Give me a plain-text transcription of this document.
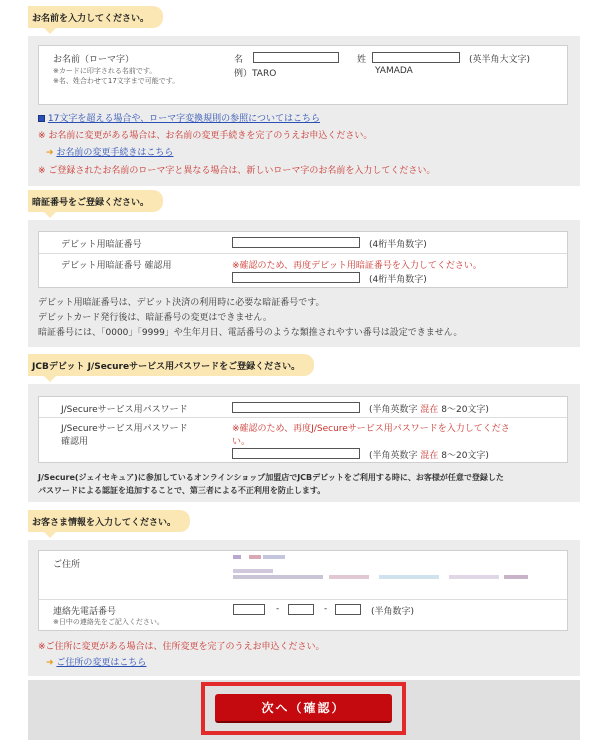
お名前を入力してください。
お名前（ローマ字）
※カードに印字される名前です。
※名、姓合わせて17文字まで可能です。
名	姓	(英半角大文字)
例）TARO	YAMADA
17文字を超える場合や、ローマ字変換規則の参照についてはこちら
※ お名前に変更がある場合は、お名前の変更手続きを完了のうえお申込ください。
➜ お名前の変更手続きはこちら
※ ご登録されたお名前のローマ字と異なる場合は、新しいローマ字のお名前を入力してください。
暗証番号をご登録ください。
デビット用暗証番号	(4桁半角数字)
デビット用暗証番号 確認用	※確認のため、再度デビット用暗証番号を入力してください。
(4桁半角数字)
デビット用暗証番号は、デビット決済の利用時に必要な暗証番号です。
デビットカード発行後は、暗証番号の変更はできません。
暗証番号には、「0000」「9999」や生年月日、電話番号のような類推されやすい番号は設定できません。
JCBデビット J/Secureサービス用パスワードをご登録ください。
J/Secureサービス用パスワード	(半角英数字 混在 8～20文字)
J/Secureサービス用パスワード
確認用
※確認のため、再度J/Secureサービス用パスワードを入力してくださ
い。
(半角英数字 混在 8～20文字)
J/Secure(ジェイセキュア)に参加しているオンラインショップ加盟店でJCBデビットをご利用する時に、お客様が任意で登録した
パスワードによる認証を追加することで、第三者による不正利用を防止します。
お客さま情報を入力してください。
ご住所
連絡先電話番号
※日中の連絡先をご記入ください。
-	-	(半角数字)
※ご住所に変更がある場合は、住所変更を完了のうえお申込ください。
➜ ご住所の変更はこちら
次へ（確認）
